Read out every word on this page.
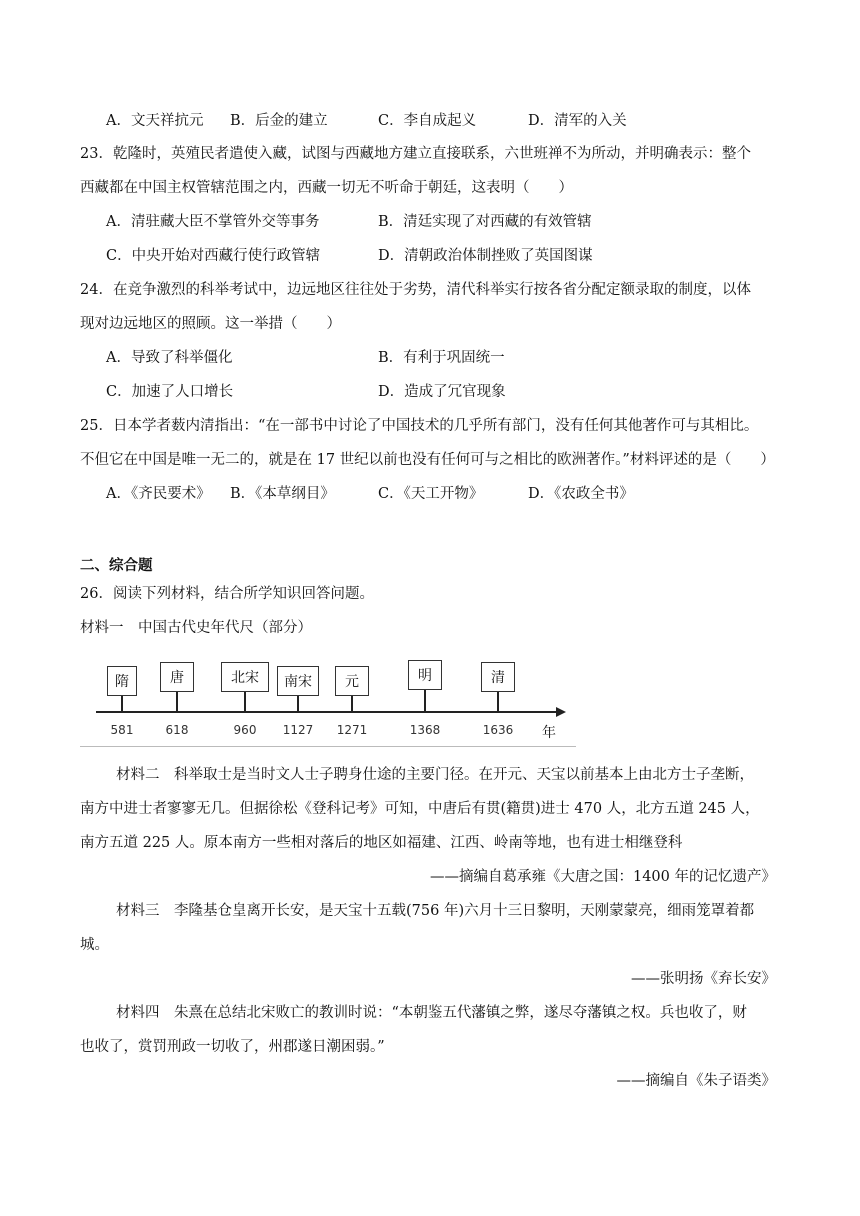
A．文天祥抗元 B．后金的建立	C．李自成起义	D．清军的入关
23．乾隆时，英殖民者遣使入藏，试图与西藏地方建立直接联系，六世班禅不为所动，并明确表示：整个
西藏都在中国主权管辖范围之内，西藏一切无不听命于朝廷，这表明（　　）
A．清驻藏大臣不掌管外交等事务	B．清廷实现了对西藏的有效管辖
C．中央开始对西藏行使行政管辖	D．清朝政治体制挫败了英国图谋
24．在竞争激烈的科举考试中，边远地区往往处于劣势，清代科举实行按各省分配定额录取的制度，以体
现对边远地区的照顾。这一举措（　　）
A．导致了科举僵化	B．有利于巩固统一
C．加速了人口增长	D．造成了冗官现象
25．日本学者薮内清指出：“在一部书中讨论了中国技术的几乎所有部门，没有任何其他著作可与其相比。
不但它在中国是唯一无二的，就是在 17 世纪以前也没有任何可与之相比的欧洲著作。”材料评述的是（　　）
A．《齐民要术》 B．《本草纲目》	C．《天工开物》	D．《农政全书》
二、综合题
26．阅读下列材料，结合所学知识回答问题。
材料一　中国古代史年代尺（部分）
年
隋
581
唐
618
北宋
960
南宋
1127
元
1271
明
1368
清
1636
材料二　科举取士是当时文人士子聘身仕途的主要门径。在开元、天宝以前基本上由北方士子垄断，
南方中进士者寥寥无几。但据徐松《登科记考》可知，中唐后有贯(籍贯)进士 470 人，北方五道 245 人，
南方五道 225 人。原本南方一些相对落后的地区如福建、江西、岭南等地，也有进士相继登科
——摘编自葛承雍《大唐之国：1400 年的记忆遗产》
材料三　李隆基仓皇离开长安，是天宝十五载(756 年)六月十三日黎明，天刚蒙蒙亮，细雨笼罩着都
城。
——张明扬《弃长安》
材料四　朱熹在总结北宋败亡的教训时说：“本朝鉴五代藩镇之弊，遂尽夺藩镇之权。兵也收了，财
也收了，赏罚刑政一切收了，州郡遂日潮困弱。”
——摘编自《朱子语类》
